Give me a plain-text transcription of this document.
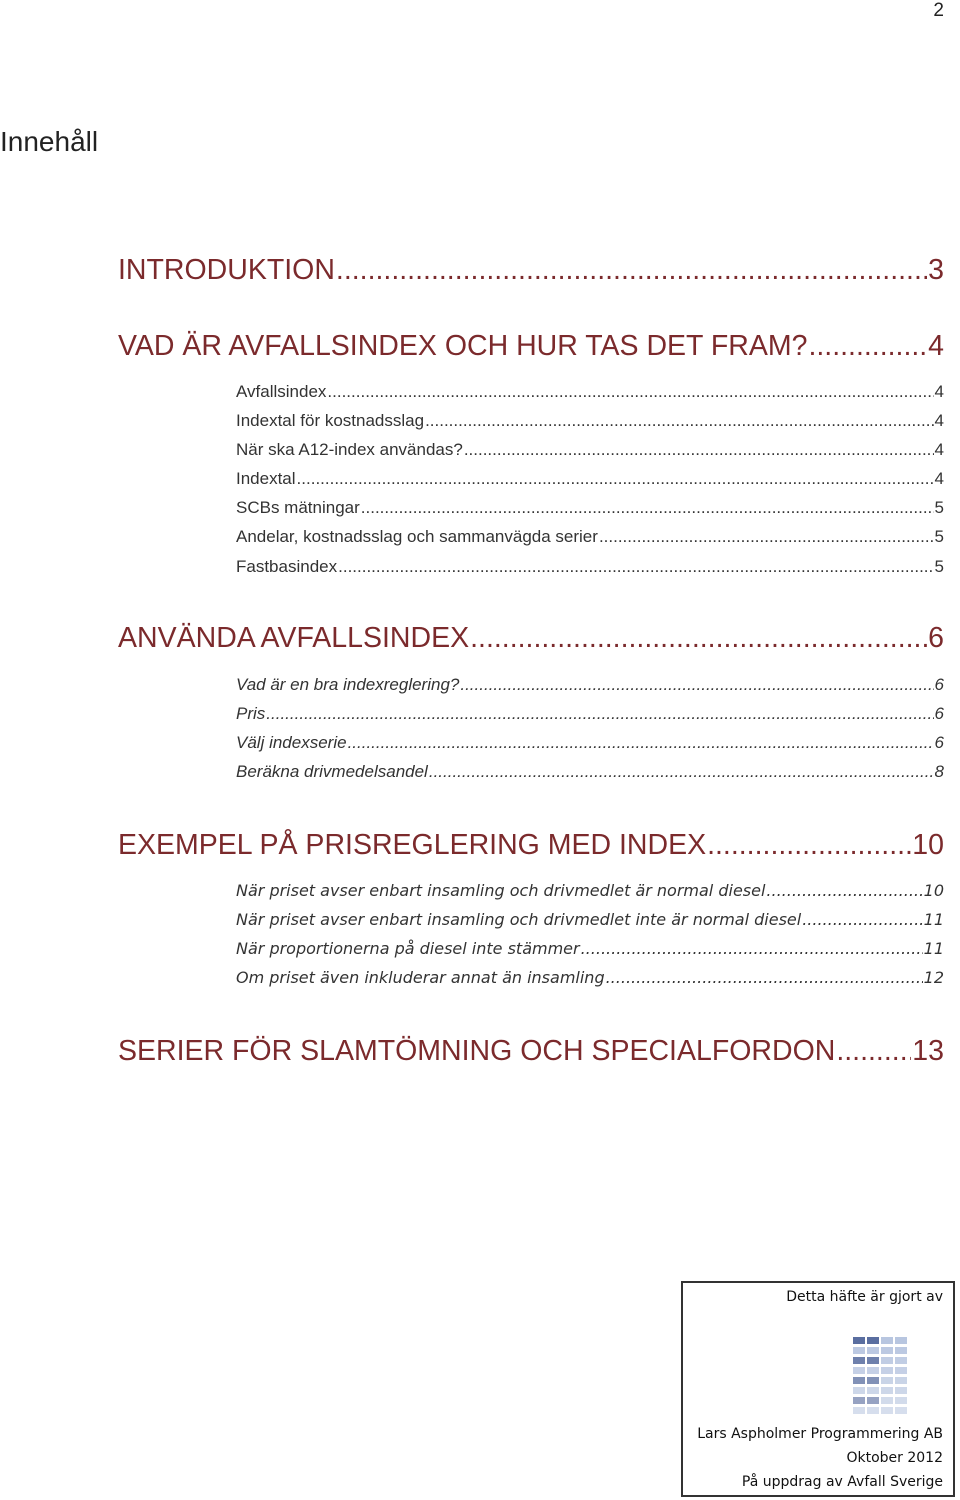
2
Innehåll
INTRODUKTION .....	3
VAD ÄR AVFALLSINDEX OCH HUR TAS DET FRAM? .....	4
Avfallsindex .....	4
Indextal för kostnadsslag .....	4
När ska A12-index användas? .....	4
Indextal .....	4
SCBs mätningar .....	5
Andelar, kostnadsslag och sammanvägda serier .....	5
Fastbasindex .....	5
ANVÄNDA AVFALLSINDEX .....	6
Vad är en bra indexreglering? .....	6
Pris .....	6
Välj indexserie .....	6
Beräkna drivmedelsandel .....	8
EXEMPEL PÅ PRISREGLERING MED INDEX .....	10
När priset avser enbart insamling och drivmedlet är normal diesel .....	10
När priset avser enbart insamling och drivmedlet inte är normal diesel .....	11
När proportionerna på diesel inte stämmer .....	11
Om priset även inkluderar annat än insamling .....	12
SERIER FÖR SLAMTÖMNING OCH SPECIALFORDON .....	13
Detta häfte är gjort av
Lars Aspholmer Programmering AB
Oktober 2012
På uppdrag av Avfall Sverige
